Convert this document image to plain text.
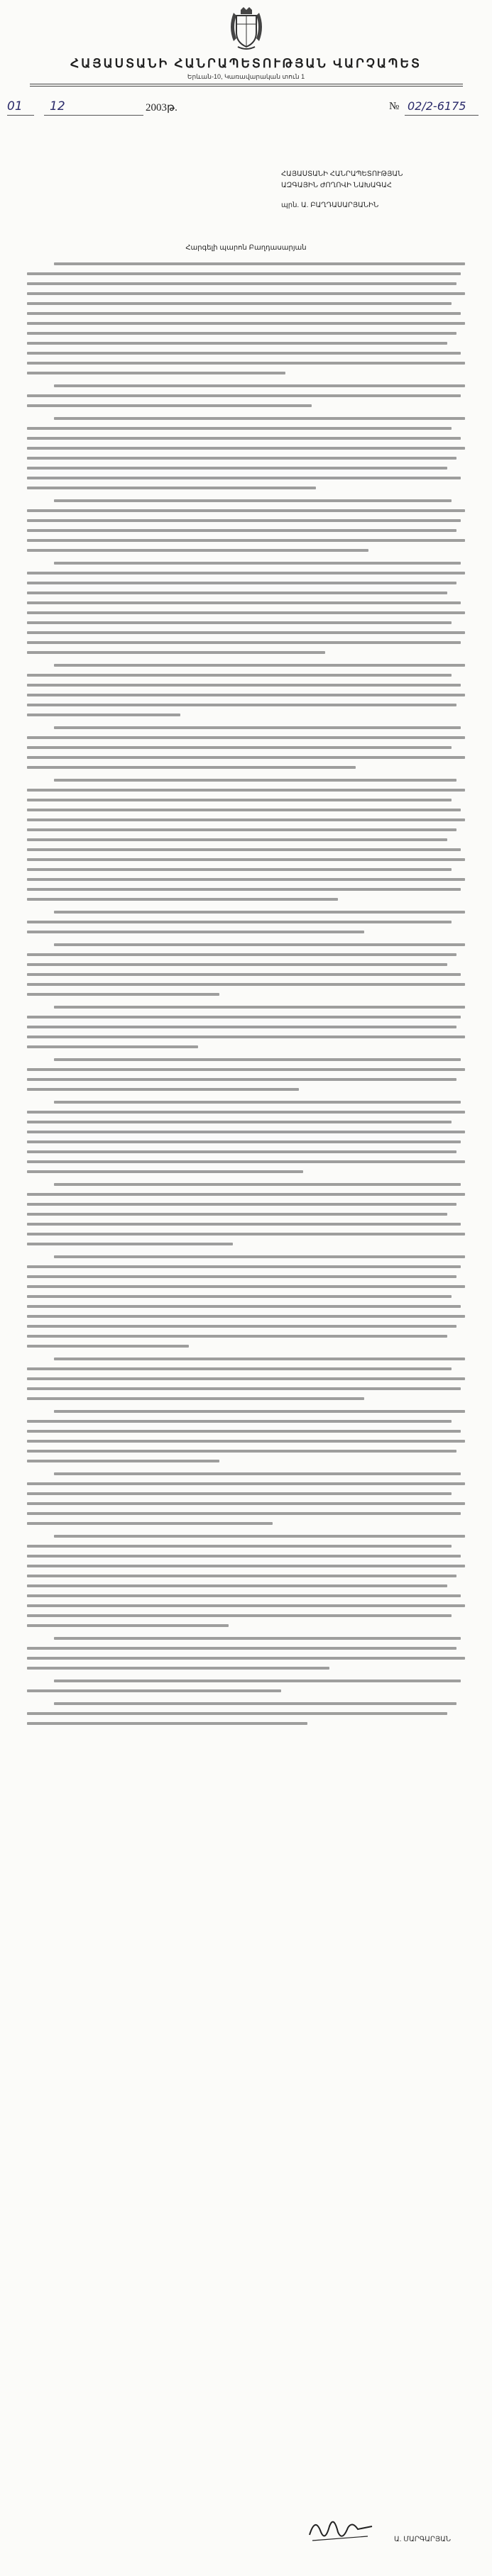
ՀԱՅԱՍՏԱՆԻ ՀԱՆՐԱՊԵՏՈՒԹՅԱՆ ՎԱՐՉԱՊԵՏ
Երևան-10, Կառավարական տուն 1
01	12	2003թ.	№ 02/2-6175
ՀԱՅԱՍՏԱՆԻ ՀԱՆՐԱՊԵՏՈՒԹՅԱՆ
ԱԶԳԱՅԻՆ ԺՈՂՈՎԻ ՆԱԽԱԳԱՀ
պրն. Ա. ԲԱՂԴԱՍԱՐՅԱՆԻՆ
Հարգելի պարոն Բաղդասարյան
Ա. ՄԱՐԳԱՐՅԱՆ
